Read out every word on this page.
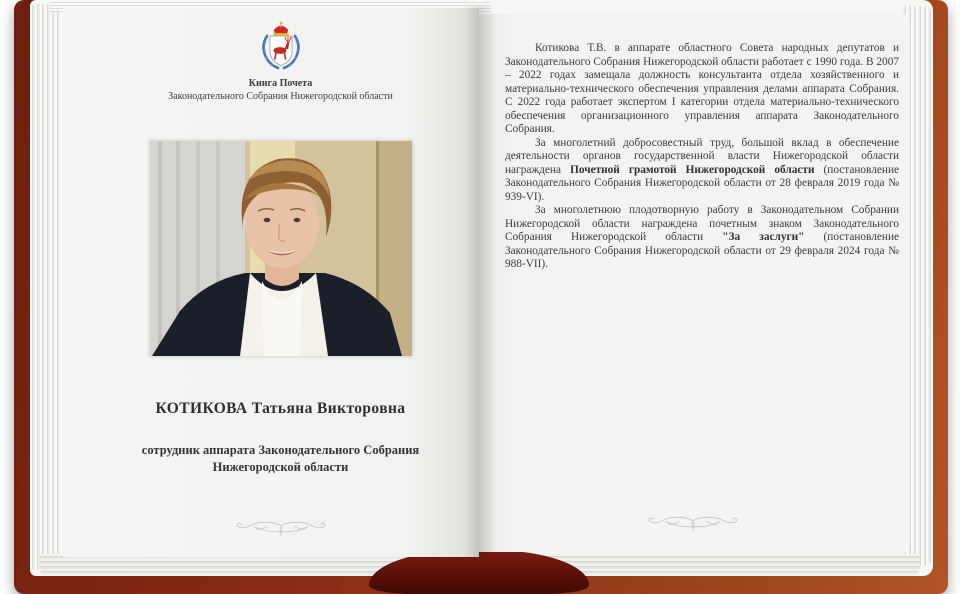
Книга Почета
Законодательного Собрания Нижегородской области
КОТИКОВА Татьяна Викторовна
сотрудник аппарата Законодательного Собрания
Нижегородской области

Котикова Т.В. в аппарате областного Совета народных депутатов и Законодательного Собрания Нижегородской области работает с 1990 года. В 2007 – 2022 годах замещала должность консультанта отдела хозяйственного и материально-технического обеспечения управления делами аппарата Собрания. С 2022 года работает экспертом I категории отдела материально-технического обеспечения организационного управления аппарата Законодательного Собрания.

За многолетний добросовестный труд, большой вклад в обеспечение деятельности органов государственной власти Нижегородской области награждена Почетной грамотой Нижегородской области (постановление Законодательного Собрания Нижегородской области от 28 февраля 2019 года № 939-VI).

За многолетнюю плодотворную работу в Законодательном Собрании Нижегородской области награждена почетным знаком Законодательного Собрания Нижегородской области "За заслуги" (постановление Законодательного Собрания Нижегородской области от 29 февраля 2024 года № 988-VII).
